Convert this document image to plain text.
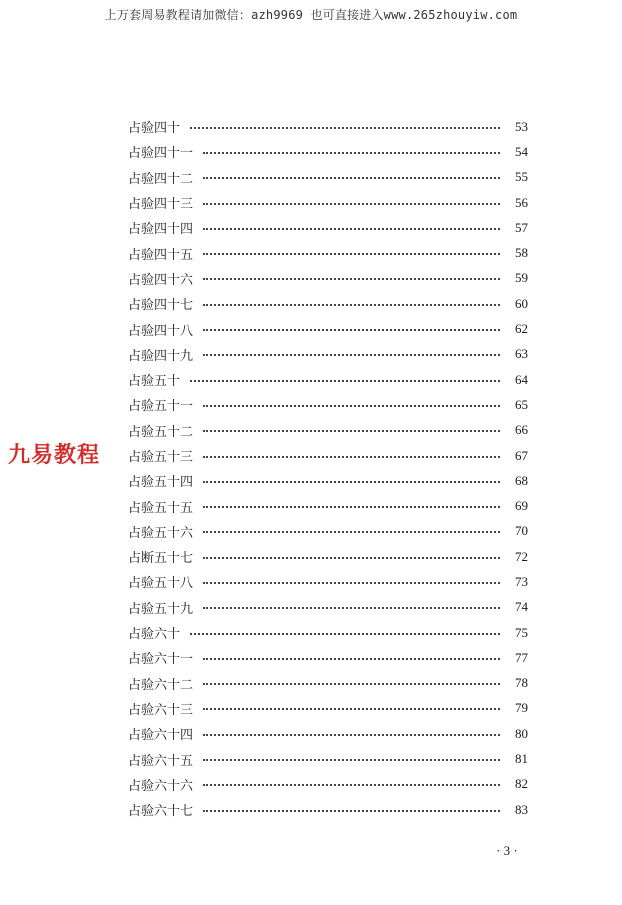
上万套周易教程请加微信：azh9969 也可直接进入www.265zhouyiw.com
九易教程
占验四十	53
占验四十一	54
占验四十二	55
占验四十三	56
占验四十四	57
占验四十五	58
占验四十六	59
占验四十七	60
占验四十八	62
占验四十九	63
占验五十	64
占验五十一	65
占验五十二	66
占验五十三	67
占验五十四	68
占验五十五	69
占验五十六	70
占断五十七	72
占验五十八	73
占验五十九	74
占验六十	75
占验六十一	77
占验六十二	78
占验六十三	79
占验六十四	80
占验六十五	81
占验六十六	82
占验六十七	83
· 3 ·
